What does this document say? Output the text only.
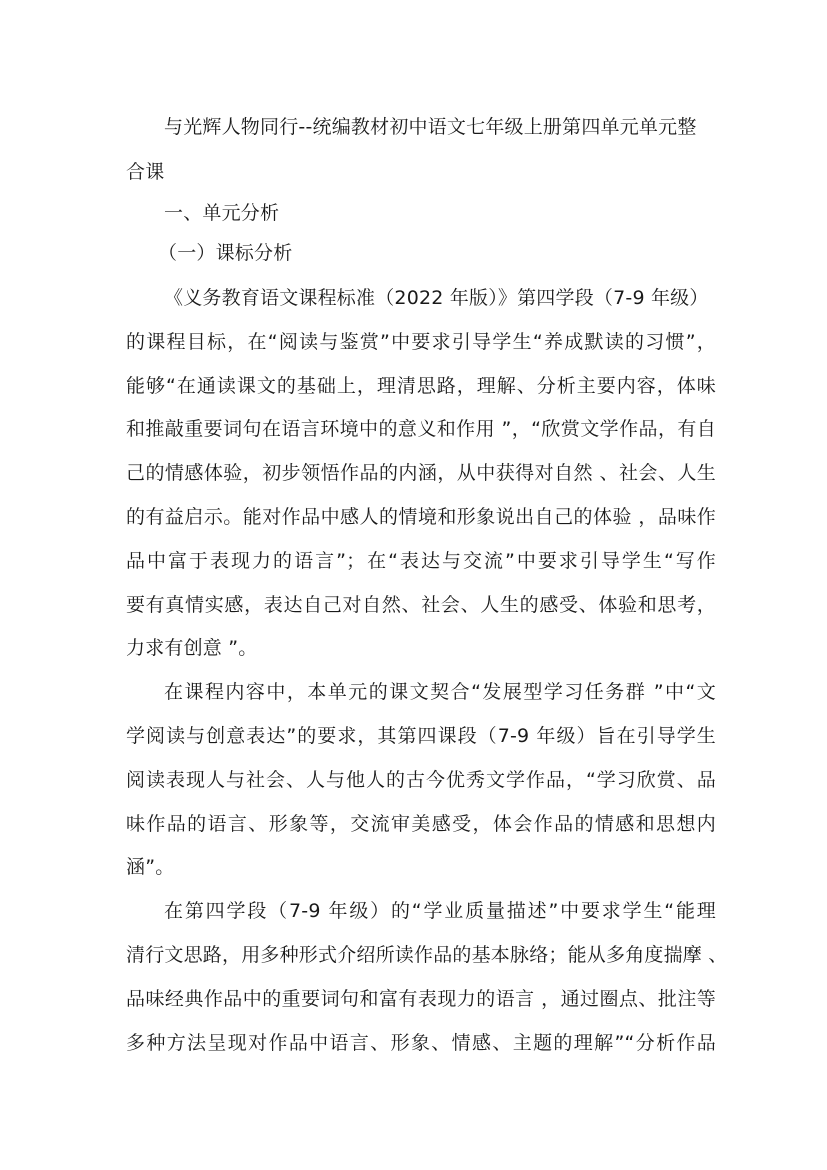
与光辉人物同行--统编教材初中语文七年级上册第四单元单元整
合课
一、单元分析
（一）课标分析
《义务教育语文课程标准（2022 年版）》第四学段（7-9 年级）
的课程目标，在“阅读与鉴赏”中要求引导学生“养成默读的习惯”，
能够“在通读课文的基础上，理清思路，理解、分析主要内容，体味
和推敲重要词句在语言环境中的意义和作用 ”，“欣赏文学作品，有自
己的情感体验，初步领悟作品的内涵，从中获得对自然 、社会、人生
的有益启示。能对作品中感人的情境和形象说出自己的体验 ，品味作
品中富于表现力的语言”；在“表达与交流”中要求引导学生“写作
要有真情实感，表达自己对自然、社会、人生的感受、体验和思考，
力求有创意 ”。
在课程内容中，本单元的课文契合“发展型学习任务群 ”中“文
学阅读与创意表达”的要求，其第四课段（7-9 年级）旨在引导学生
阅读表现人与社会、人与他人的古今优秀文学作品，“学习欣赏、品
味作品的语言、形象等，交流审美感受，体会作品的情感和思想内
涵”。
在第四学段（7-9 年级）的“学业质量描述”中要求学生“能理
清行文思路，用多种形式介绍所读作品的基本脉络；能从多角度揣摩 、
品味经典作品中的重要词句和富有表现力的语言 ，通过圈点、批注等
多种方法呈现对作品中语言、形象、情感、主题的理解”“分析作品
